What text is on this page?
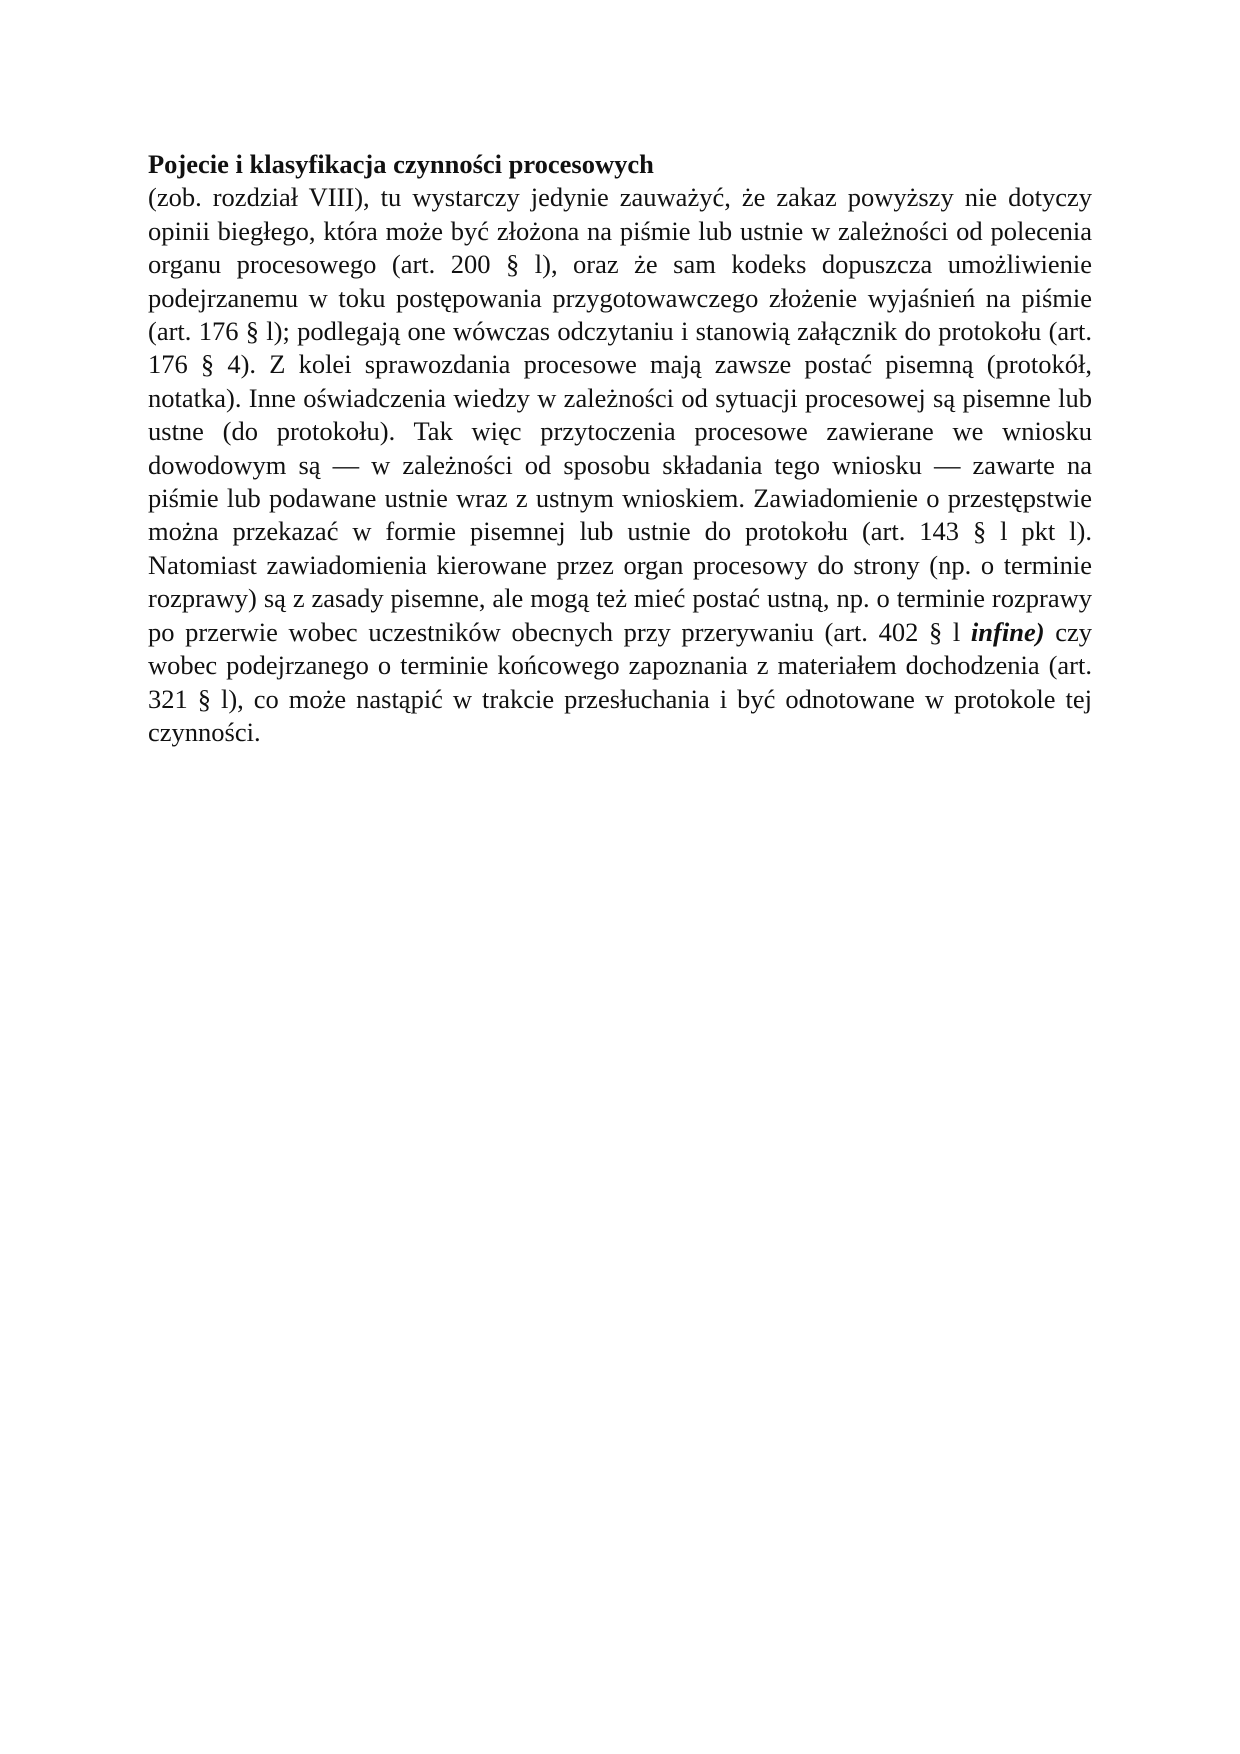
Pojecie i klasyfikacja czynności procesowych

(zob. rozdział VIII), tu wystarczy jedynie zauważyć, że zakaz powyższy nie dotyczy opinii biegłego, która może być złożona na piśmie lub ustnie w zależności od polecenia organu procesowego (art. 200 § l), oraz że sam kodeks dopuszcza umożliwienie podejrzanemu w toku postępowania przygotowawczego złożenie wyjaśnień na piśmie (art. 176 § l); podlegają one wówczas odczytaniu i stanowią załącznik do protokołu (art. 176 § 4). Z kolei sprawozdania procesowe mają zawsze postać pisemną (protokół, notatka). Inne oświadczenia wiedzy w zależności od sytuacji procesowej są pisemne lub ustne (do protokołu). Tak więc przytoczenia procesowe zawierane we wniosku dowodowym są — w zależności od sposobu składania tego wniosku — zawarte na piśmie lub podawane ustnie wraz z ustnym wnioskiem. Zawiadomienie o przestępstwie można przekazać w formie pisemnej lub ustnie do protokołu (art. 143 § l pkt l). Natomiast zawiadomienia kierowane przez organ procesowy do strony (np. o terminie rozprawy) są z zasady pisemne, ale mogą też mieć postać ustną, np. o terminie rozprawy po przerwie wobec uczestników obecnych przy przerywaniu (art. 402 § l infine) czy wobec podejrzanego o terminie końcowego zapoznania z materiałem dochodzenia (art. 321 § l), co może nastąpić w trakcie przesłuchania i być odnotowane w protokole tej czynności.
